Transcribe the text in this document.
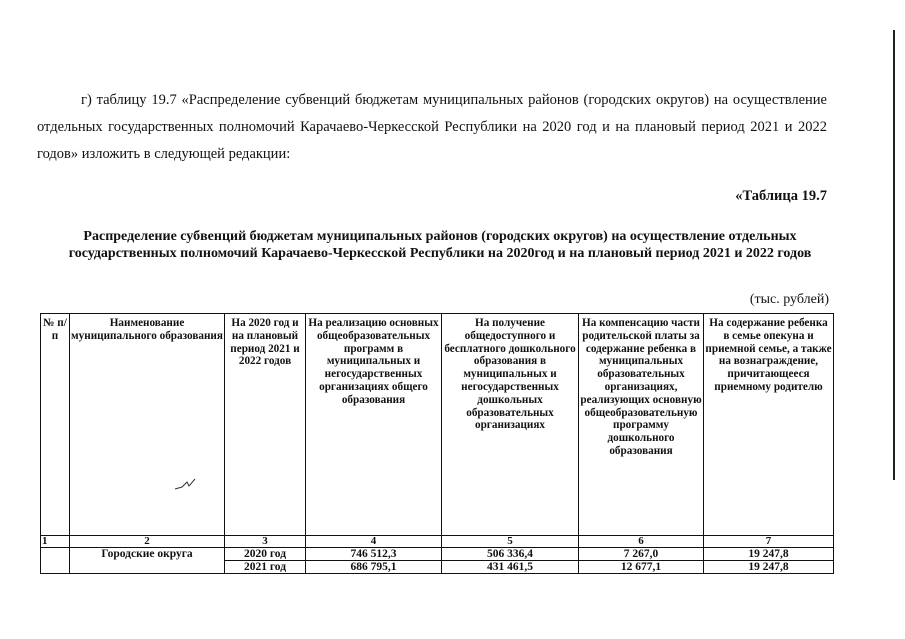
г) таблицу 19.7 «Распределение субвенций бюджетам муниципальных районов (городских округов) на осуществление отдельных государственных полномочий Карачаево-Черкесской Республики на 2020 год и на плановый период 2021 и 2022 годов» изложить в следующей редакции:

«Таблица 19.7
Распределение субвенций бюджетам муниципальных районов (городских округов) на осуществление отдельных государственных полномочий Карачаево-Черкесской Республики на 2020год и на плановый период 2021 и 2022 годов
(тыс. рублей)
№ п/п	Наименование муниципального образования	На 2020 год и на плановый период 2021 и 2022 годов	На реализацию основных общеобразовательных программ в муниципальных и негосударственных организациях общего образования	На получение общедоступного и бесплатного дошкольного образования в муниципальных и негосударственных дошкольных образовательных организациях	На компенсацию части родительской платы за содержание ребенка в муниципальных образовательных организациях, реализующих основную общеобразовательную программу дошкольного образования	На содержание ребенка в семье опекуна и приемной семье, а также на вознаграждение, причитающееся приемному родителю
1	2	3	4	5	6	7
	Городские округа	2020 год	746 512,3	506 336,4	7 267,0	19 247,8
		2021 год	686 795,1	431 461,5	12 677,1	19 247,8
